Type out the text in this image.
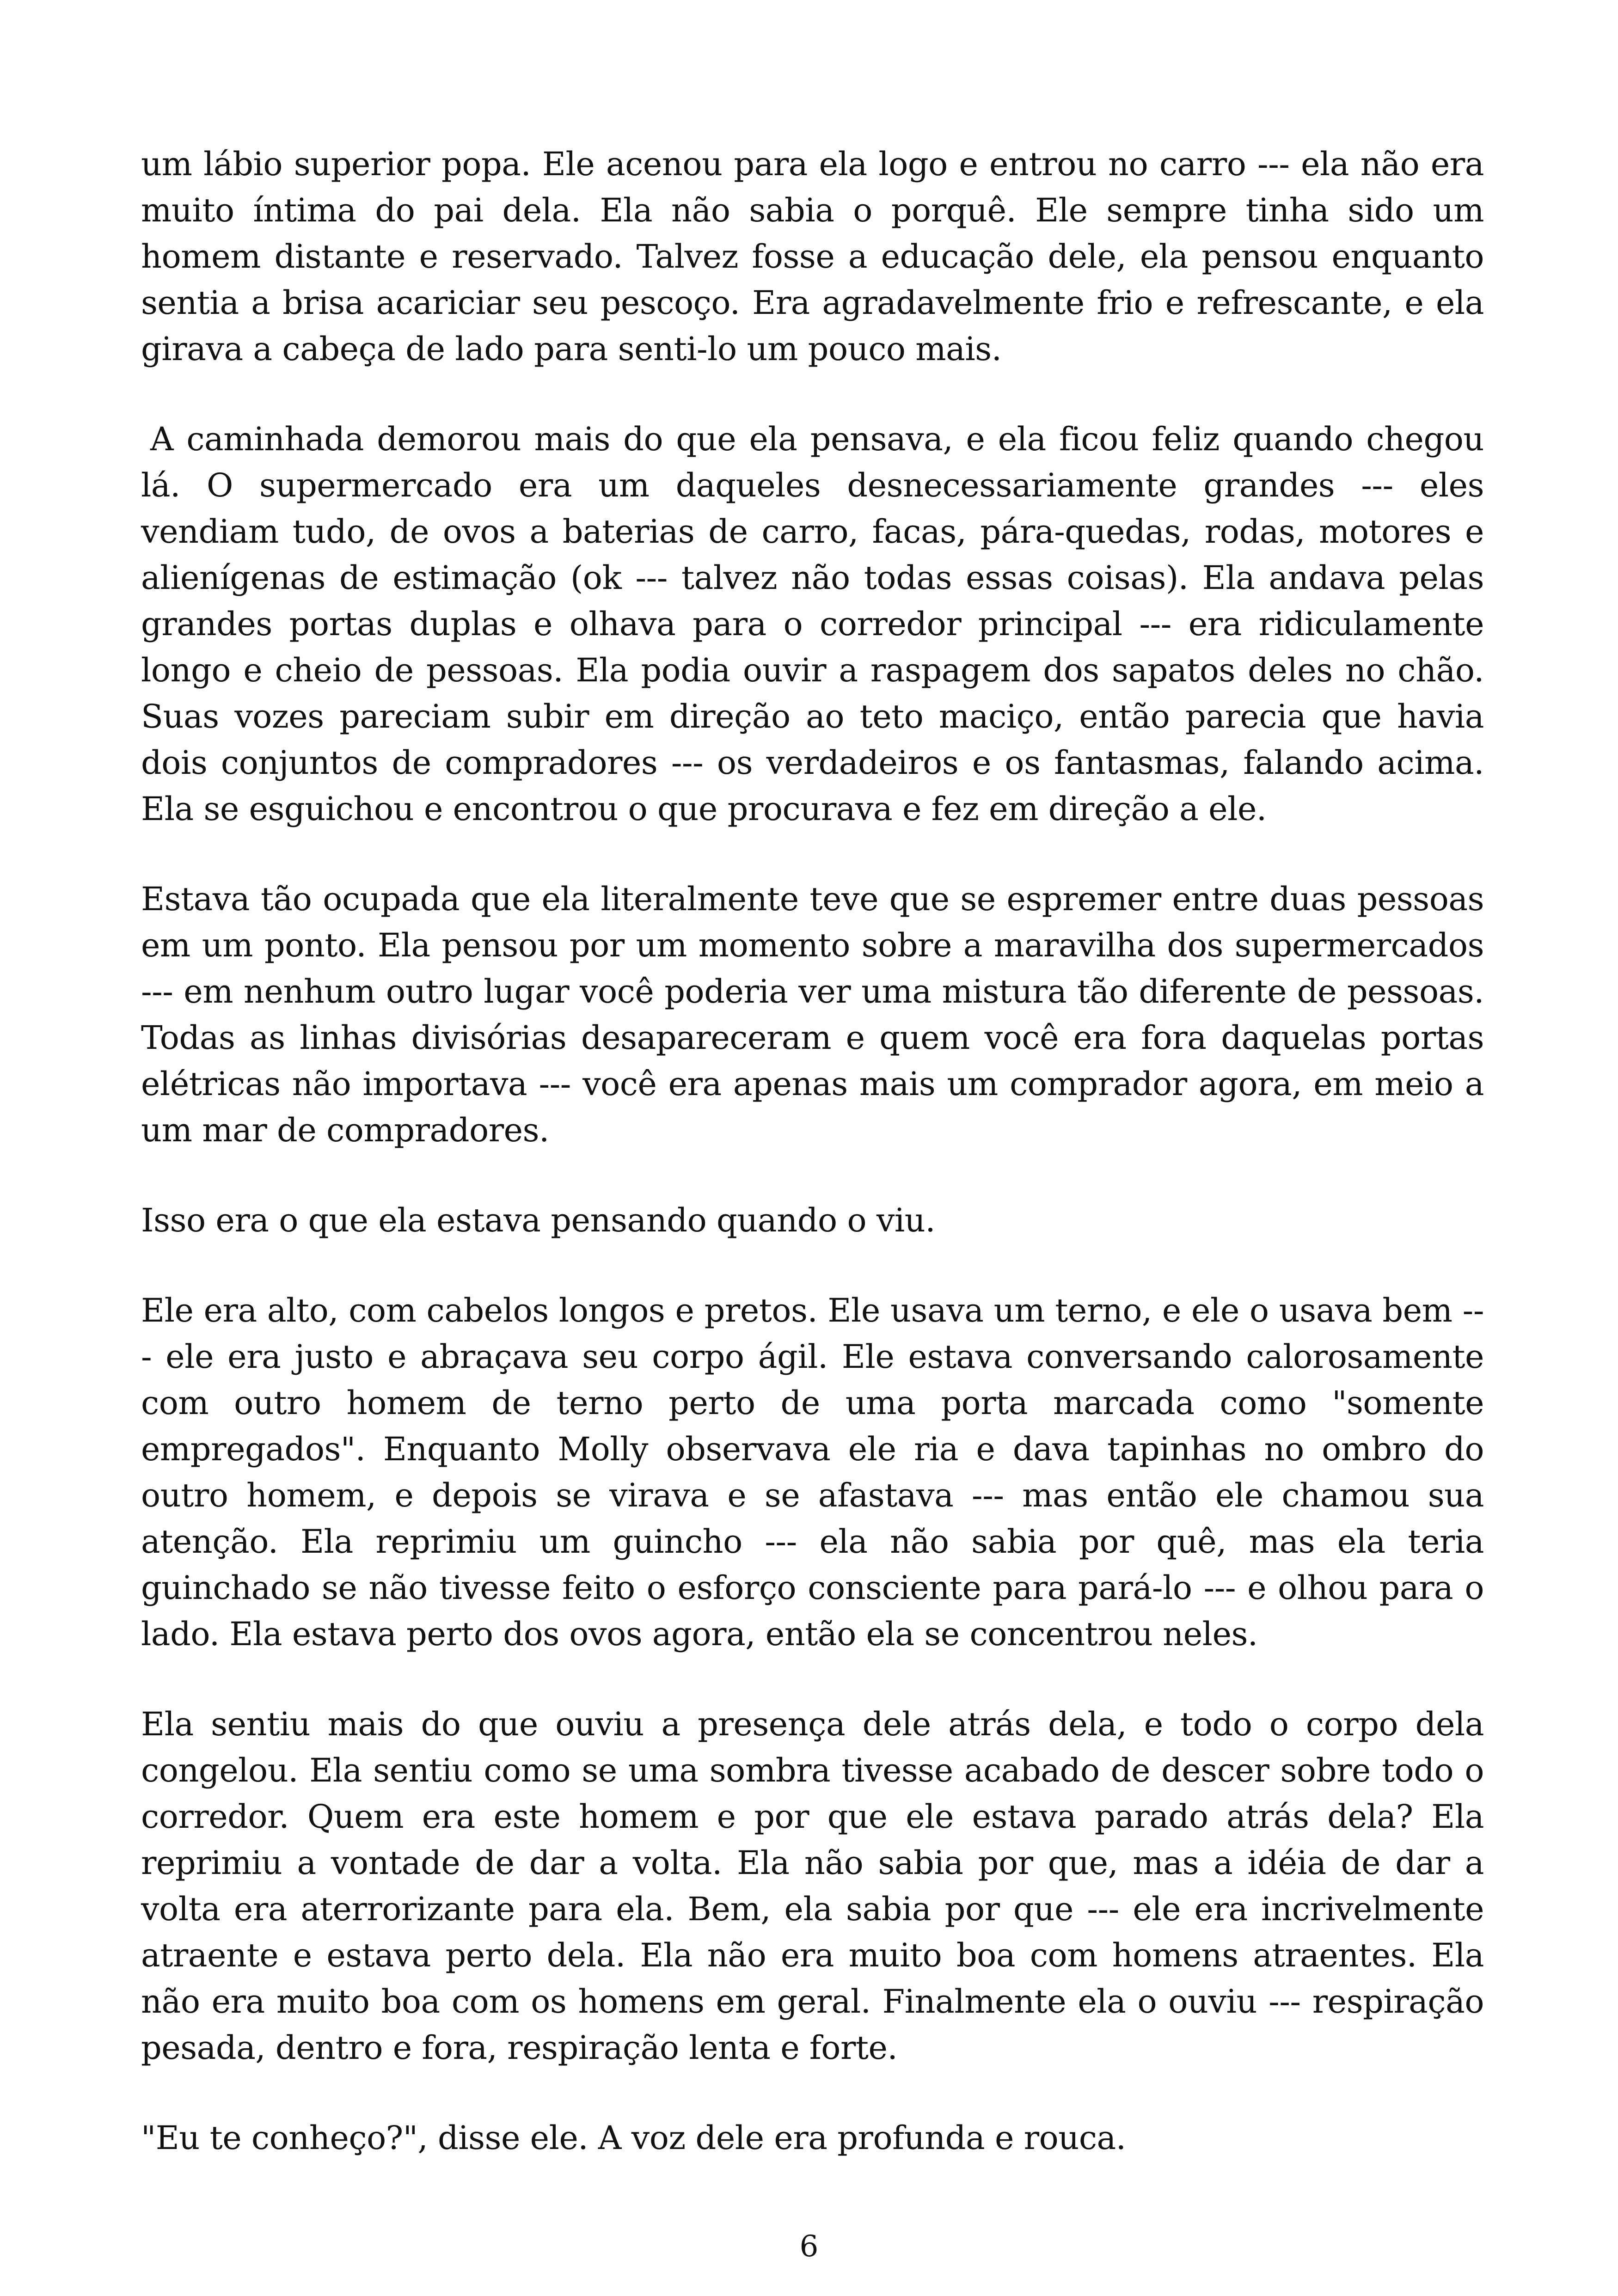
um lábio superior popa. Ele acenou para ela logo e entrou no carro --- ela não era muito íntima do pai dela. Ela não sabia o porquê. Ele sempre tinha sido um homem distante e reservado. Talvez fosse a educação dele, ela pensou enquanto sentia a brisa acariciar seu pescoço. Era agradavelmente frio e refrescante, e ela girava a cabeça de lado para senti-lo um pouco mais.

A caminhada demorou mais do que ela pensava, e ela ficou feliz quando chegou lá. O supermercado era um daqueles desnecessariamente grandes --- eles vendiam tudo, de ovos a baterias de carro, facas, pára-quedas, rodas, motores e alienígenas de estimação (ok --- talvez não todas essas coisas). Ela andava pelas grandes portas duplas e olhava para o corredor principal --- era ridiculamente longo e cheio de pessoas. Ela podia ouvir a raspagem dos sapatos deles no chão. Suas vozes pareciam subir em direção ao teto maciço, então parecia que havia dois conjuntos de compradores --- os verdadeiros e os fantasmas, falando acima. Ela se esguichou e encontrou o que procurava e fez em direção a ele.

Estava tão ocupada que ela literalmente teve que se espremer entre duas pessoas em um ponto. Ela pensou por um momento sobre a maravilha dos supermercados --- em nenhum outro lugar você poderia ver uma mistura tão diferente de pessoas. Todas as linhas divisórias desapareceram e quem você era fora daquelas portas elétricas não importava --- você era apenas mais um comprador agora, em meio a um mar de compradores.

Isso era o que ela estava pensando quando o viu.

Ele era alto, com cabelos longos e pretos. Ele usava um terno, e ele o usava bem --- ele era justo e abraçava seu corpo ágil. Ele estava conversando calorosamente com outro homem de terno perto de uma porta marcada como "somente empregados". Enquanto Molly observava ele ria e dava tapinhas no ombro do outro homem, e depois se virava e se afastava --- mas então ele chamou sua atenção. Ela reprimiu um guincho --- ela não sabia por quê, mas ela teria guinchado se não tivesse feito o esforço consciente para pará-lo --- e olhou para o lado. Ela estava perto dos ovos agora, então ela se concentrou neles.

Ela sentiu mais do que ouviu a presença dele atrás dela, e todo o corpo dela congelou. Ela sentiu como se uma sombra tivesse acabado de descer sobre todo o corredor. Quem era este homem e por que ele estava parado atrás dela? Ela reprimiu a vontade de dar a volta. Ela não sabia por que, mas a idéia de dar a volta era aterrorizante para ela. Bem, ela sabia por que --- ele era incrivelmente atraente e estava perto dela. Ela não era muito boa com homens atraentes. Ela não era muito boa com os homens em geral. Finalmente ela o ouviu --- respiração pesada, dentro e fora, respiração lenta e forte.

"Eu te conheço?", disse ele. A voz dele era profunda e rouca.

6
